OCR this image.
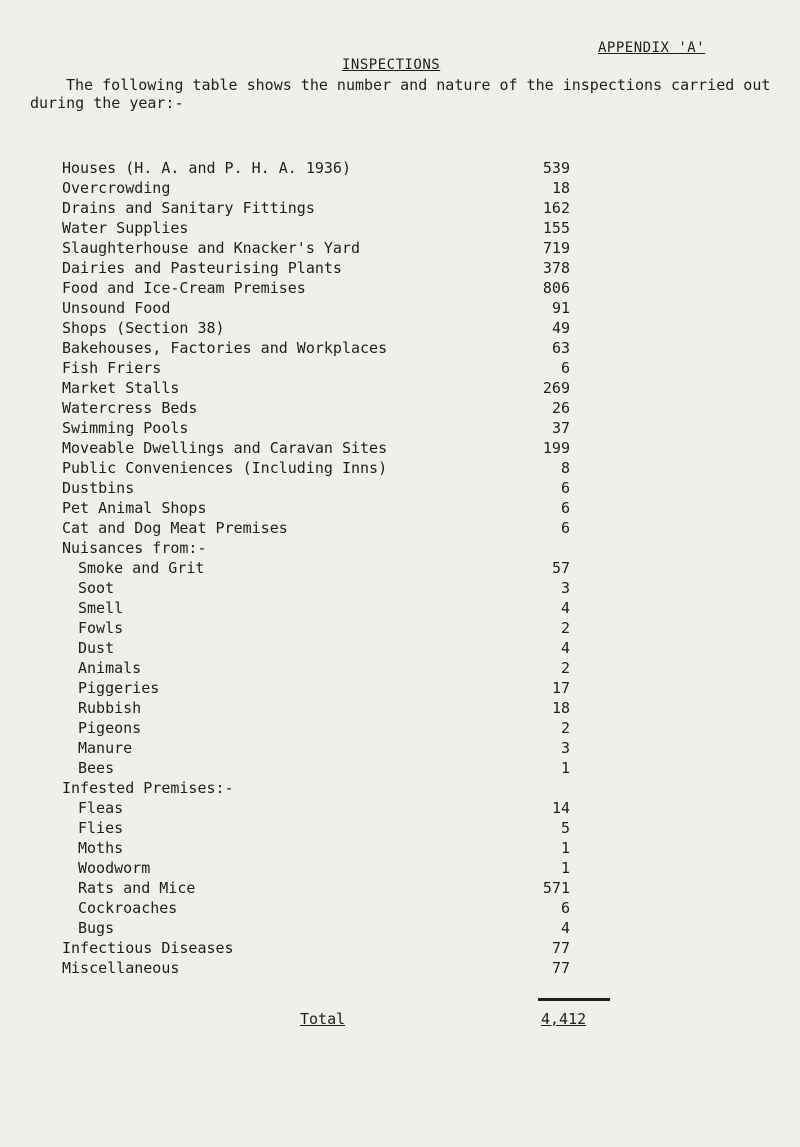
APPENDIX 'A'
INSPECTIONS
The following table shows the number and nature of the inspections carried out during the year:-
Houses (H. A. and P. H. A. 1936)	539
Overcrowding	18
Drains and Sanitary Fittings	162
Water Supplies	155
Slaughterhouse and Knacker's Yard	719
Dairies and Pasteurising Plants	378
Food and Ice-Cream Premises	806
Unsound Food	91
Shops (Section 38)	49
Bakehouses, Factories and Workplaces	63
Fish Friers	6
Market Stalls	269
Watercress Beds	26
Swimming Pools	37
Moveable Dwellings and Caravan Sites	199
Public Conveniences (Including Inns)	8
Dustbins	6
Pet Animal Shops	6
Cat and Dog Meat Premises	6
Nuisances from:-
Smoke and Grit	57
Soot	3
Smell	4
Fowls	2
Dust	4
Animals	2
Piggeries	17
Rubbish	18
Pigeons	2
Manure	3
Bees	1
Infested Premises:-
Fleas	14
Flies	5
Moths	1
Woodworm	1
Rats and Mice	571
Cockroaches	6
Bugs	4
Infectious Diseases	77
Miscellaneous	77
Total	4,412
